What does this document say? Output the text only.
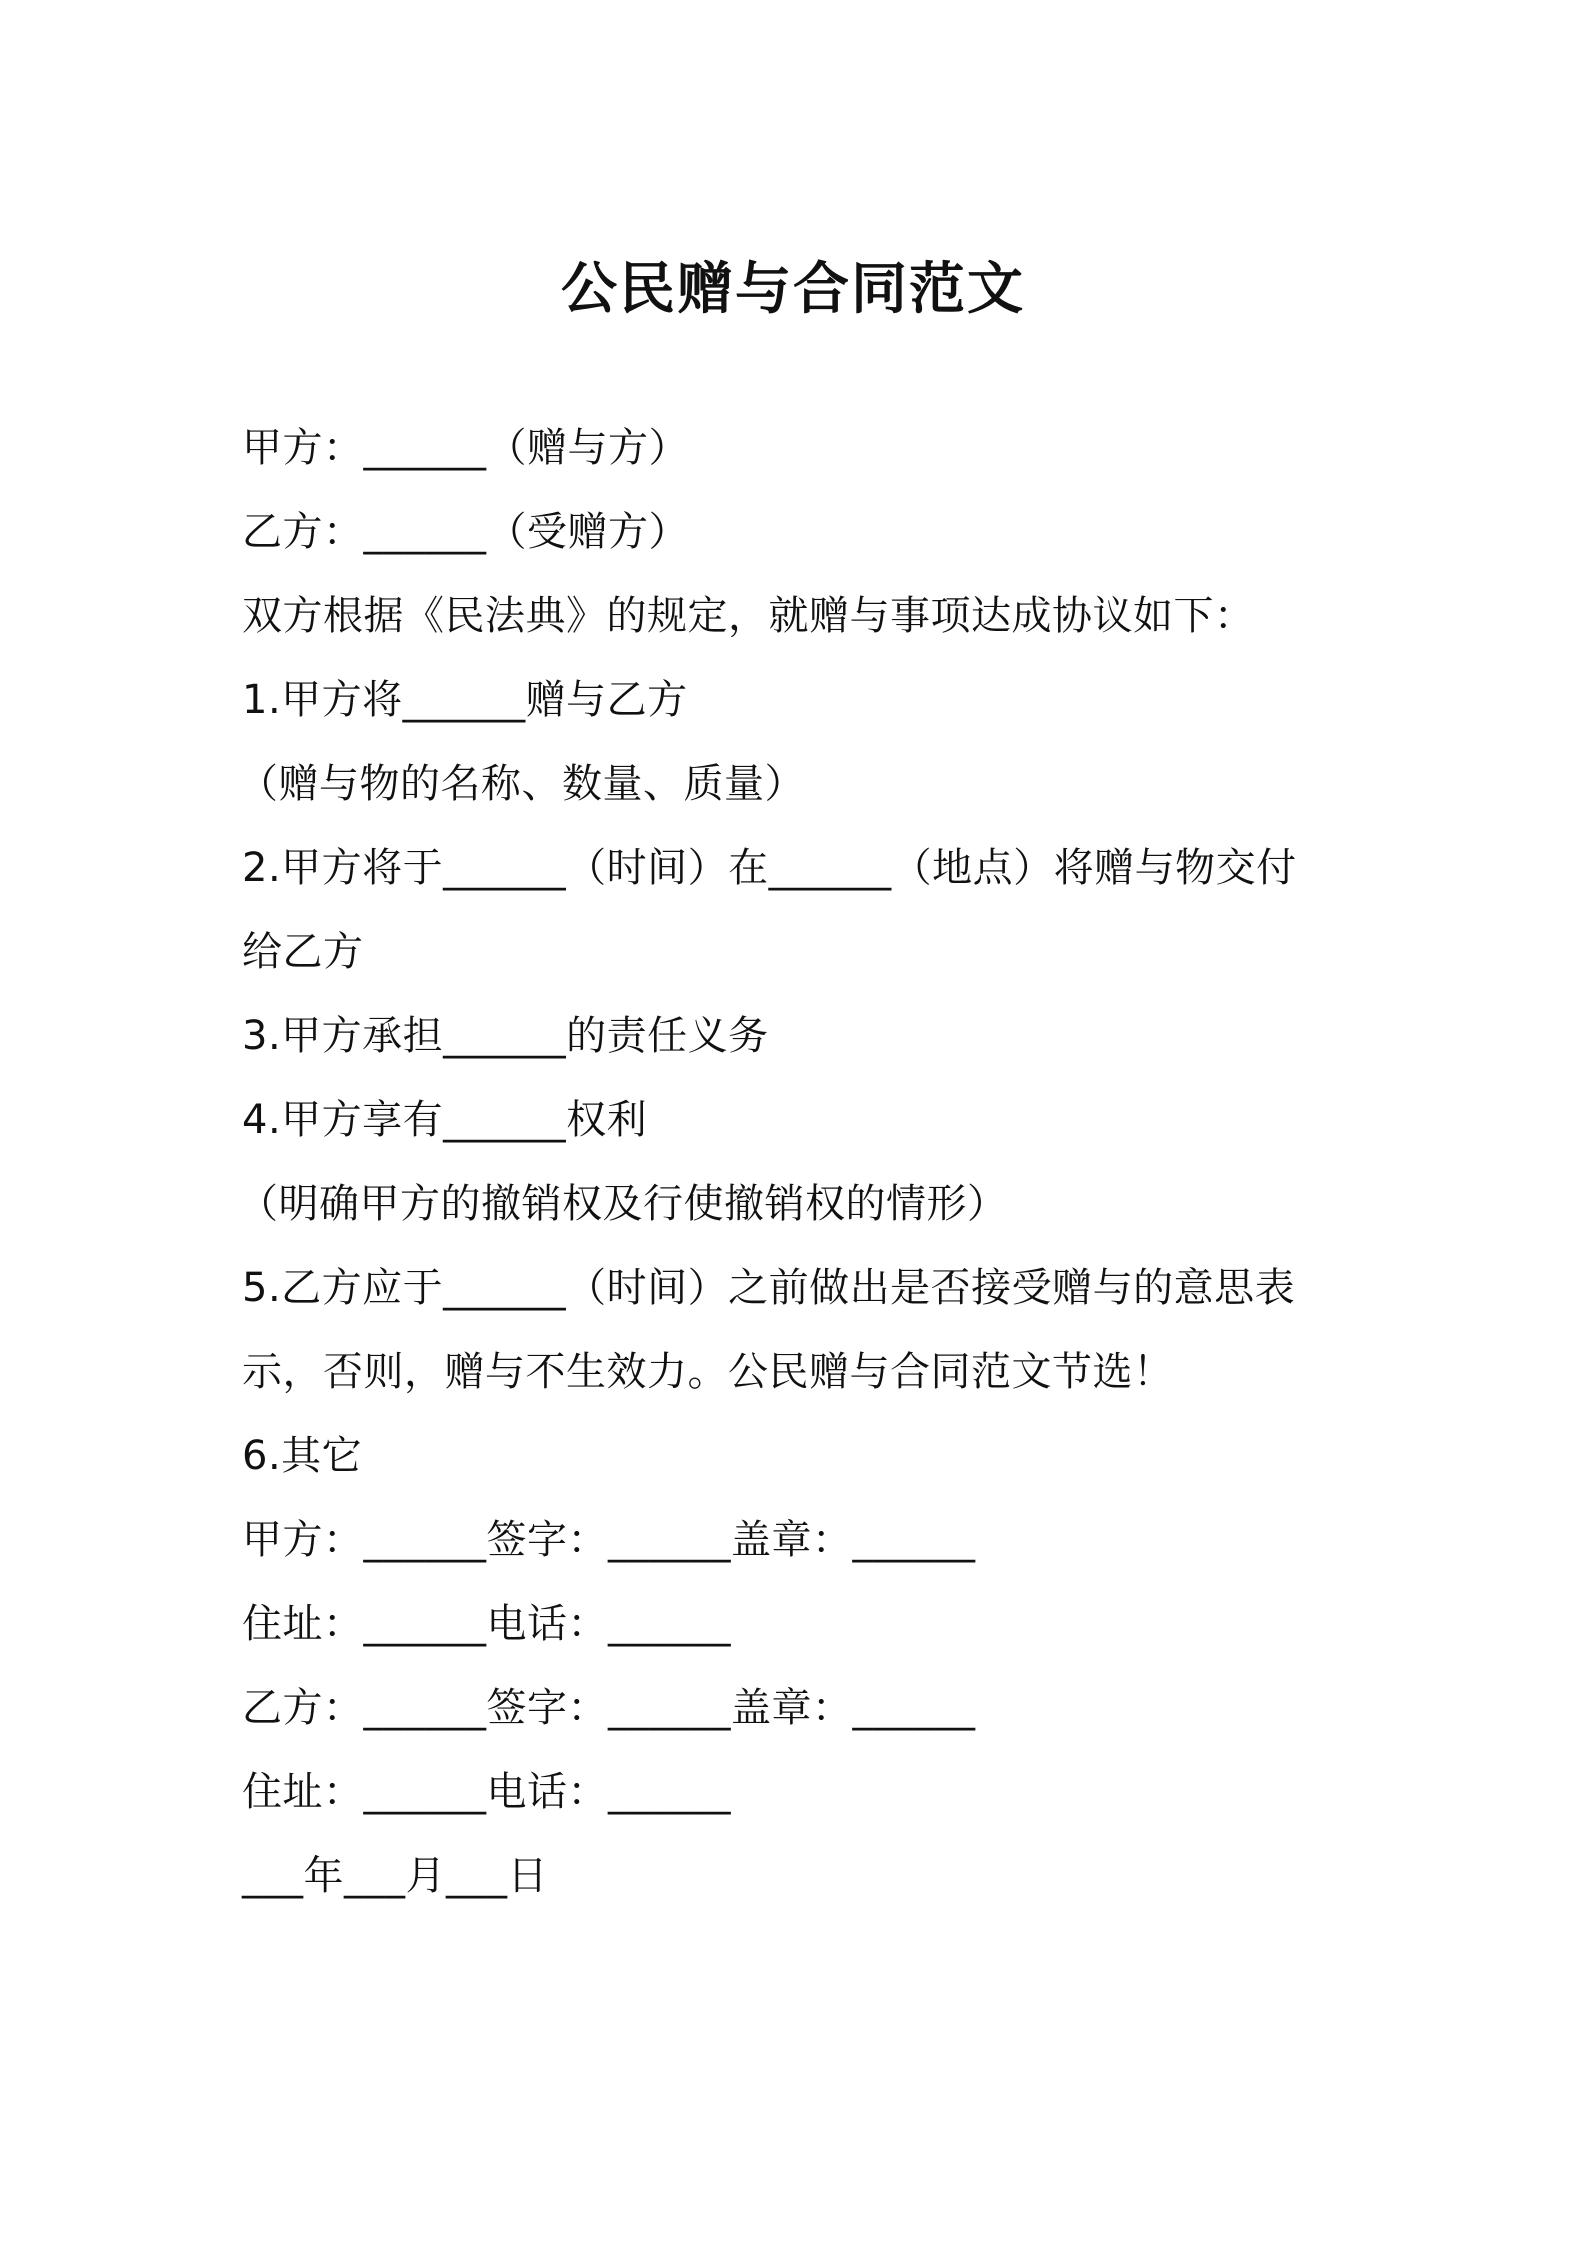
公民赠与合同范文
甲方：______（赠与方）
乙方：______（受赠方）
双方根据《民法典》的规定，就赠与事项达成协议如下：
1.甲方将______赠与乙方
（赠与物的名称、数量、质量）
2.甲方将于______（时间）在______（地点）将赠与物交付
给乙方
3.甲方承担______的责任义务
4.甲方享有______权利
（明确甲方的撤销权及行使撤销权的情形）
5.乙方应于______（时间）之前做出是否接受赠与的意思表
示，否则，赠与不生效力。公民赠与合同范文节选！
6.其它
甲方：______签字：______盖章：______
住址：______电话：______
乙方：______签字：______盖章：______
住址：______电话：______
___年___月___日
